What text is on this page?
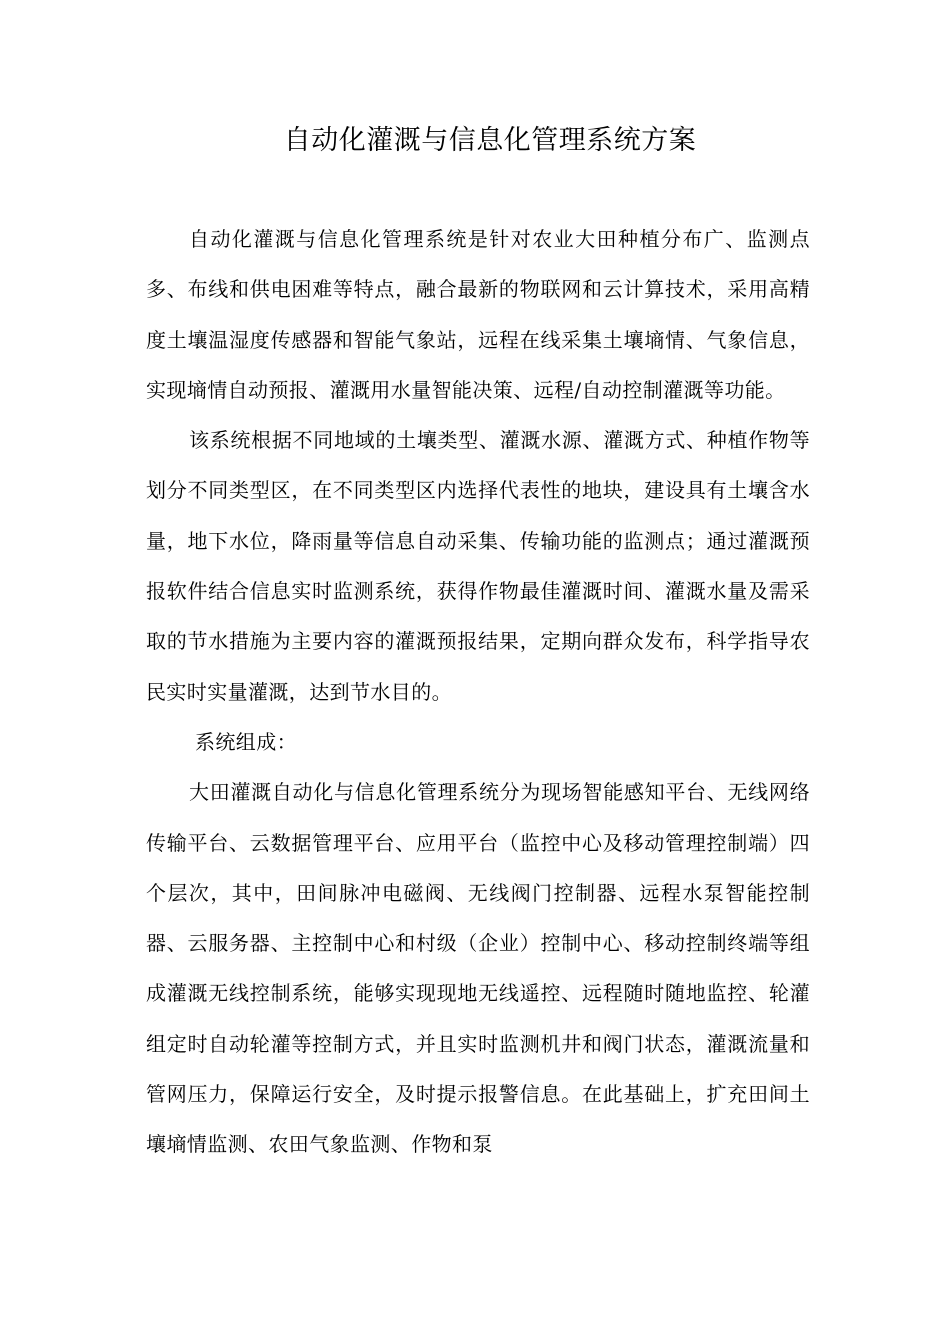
自动化灌溉与信息化管理系统方案

自动化灌溉与信息化管理系统是针对农业大田种植分布广、监测点多、布线和供电困难等特点，融合最新的物联网和云计算技术，采用高精度土壤温湿度传感器和智能气象站，远程在线采集土壤墒情、气象信息，实现墒情自动预报、灌溉用水量智能决策、远程/自动控制灌溉等功能。

该系统根据不同地域的土壤类型、灌溉水源、灌溉方式、种植作物等划分不同类型区，在不同类型区内选择代表性的地块，建设具有土壤含水量，地下水位，降雨量等信息自动采集、传输功能的监测点；通过灌溉预报软件结合信息实时监测系统，获得作物最佳灌溉时间、灌溉水量及需采取的节水措施为主要内容的灌溉预报结果，定期向群众发布，科学指导农民实时实量灌溉，达到节水目的。

系统组成：

大田灌溉自动化与信息化管理系统分为现场智能感知平台、无线网络传输平台、云数据管理平台、应用平台（监控中心及移动管理控制端）四个层次，其中，田间脉冲电磁阀、无线阀门控制器、远程水泵智能控制器、云服务器、主控制中心和村级（企业）控制中心、移动控制终端等组成灌溉无线控制系统，能够实现现地无线遥控、远程随时随地监控、轮灌组定时自动轮灌等控制方式，并且实时监测机井和阀门状态，灌溉流量和管网压力，保障运行安全，及时提示报警信息。在此基础上，扩充田间土壤墒情监测、农田气象监测、作物和泵
